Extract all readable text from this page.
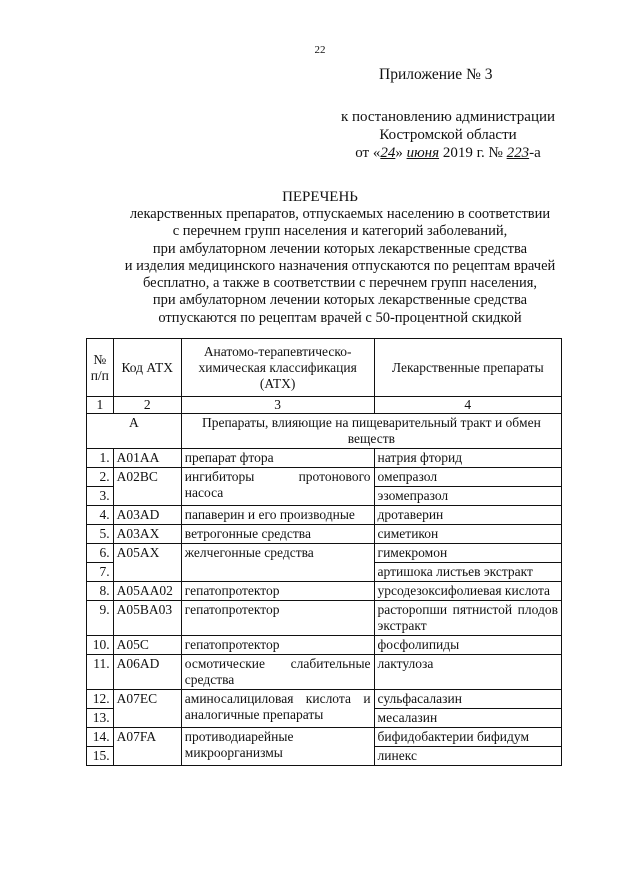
22
Приложение № 3
к постановлению администрации
Костромской области
от «24» июня 2019 г. № 223-а
ПЕРЕЧЕНЬ
лекарственных препаратов, отпускаемых населению в соответствии
с перечнем групп населения и категорий заболеваний,
при амбулаторном лечении которых лекарственные средства
и изделия медицинского назначения отпускаются по рецептам врачей
бесплатно, а также в соответствии с перечнем групп населения,
при амбулаторном лечении которых лекарственные средства
отпускаются по рецептам врачей с 50-процентной скидкой
№ п/п	Код АТХ	Анатомо-терапевтическо-химическая классификация (АТХ)	Лекарственные препараты
1	2	3	4
A		Препараты, влияющие на пищеварительный тракт и обмен веществ	
1.	A01AA	препарат фтора	натрия фторид
2.	A02BC	ингибиторы протонового насоса	омепразол
3.			эзомепразол
4.	A03AD	папаверин и его производные	дротаверин
5.	A03AX	ветрогонные средства	симетикон
6.	A05AX	желчегонные средства	гимекромон
7.			артишока листьев экстракт
8.	A05AA02	гепатопротектор	урсодезоксифолиевая кислота
9.	A05BA03	гепатопротектор	расторопши пятнистой плодов экстракт
10.	A05C	гепатопротектор	фосфолипиды
11.	A06AD	осмотические слабительные средства	лактулоза
12.	A07EC	аминосалициловая кислота и аналогичные препараты	сульфасалазин
13.			месалазин
14.	A07FA	противодиарейные микроорганизмы	бифидобактерии бифидум
15.			линекс
